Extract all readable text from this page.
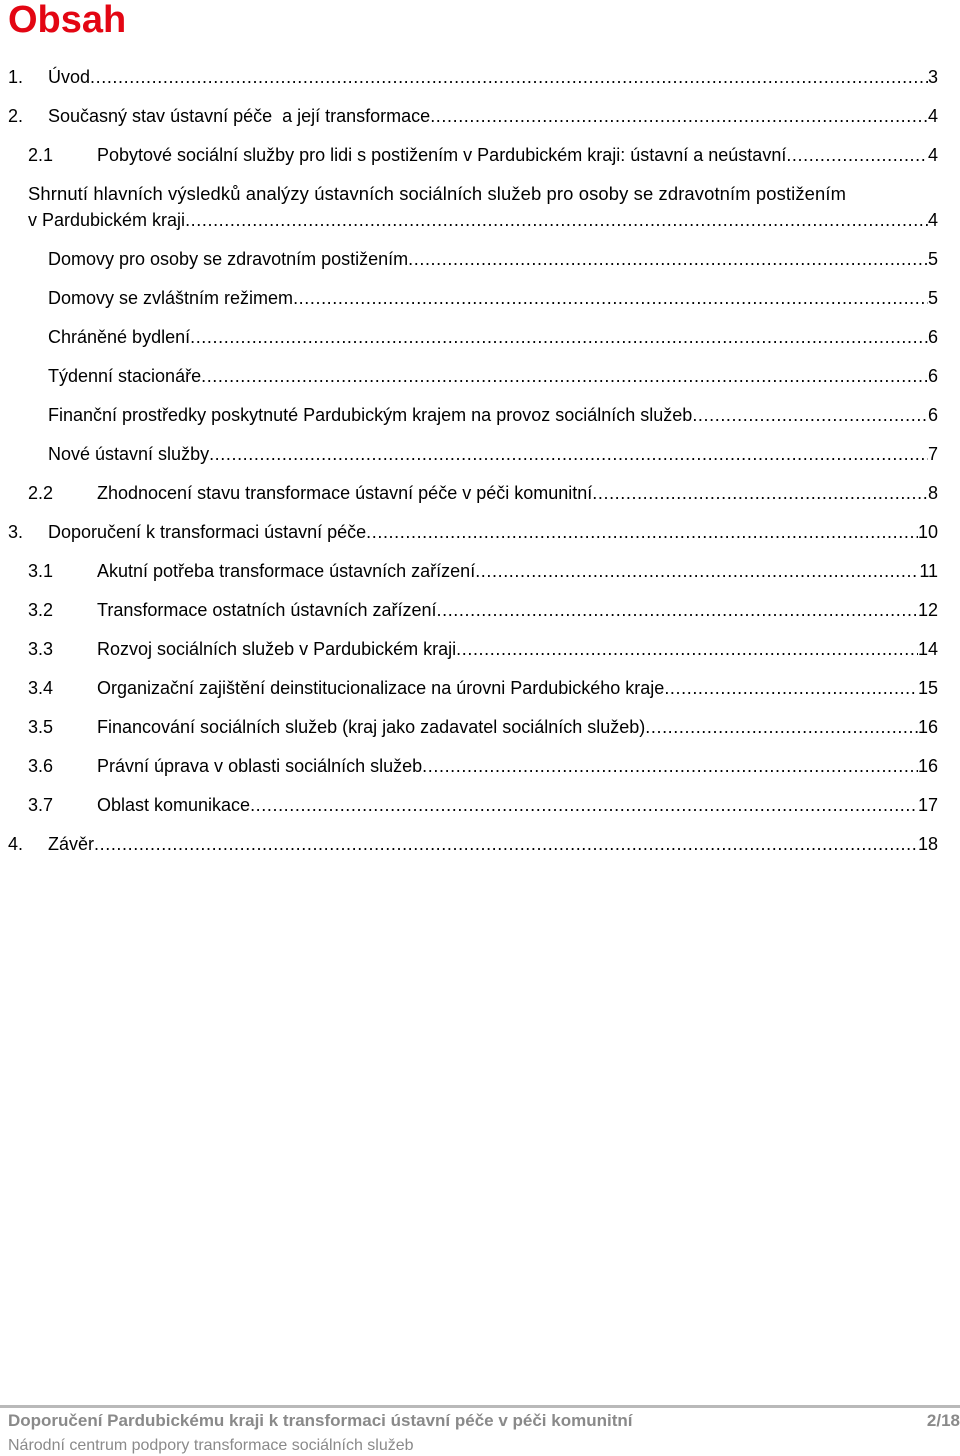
Obsah
1. Úvod .....	3
2. Současný stav ústavní péče  a její transformace .....	4
2.1 Pobytové sociální služby pro lidi s postižením v Pardubickém kraji: ústavní a neústavní .....	4
Shrnutí hlavních výsledků analýzy ústavních sociálních služeb pro osoby se zdravotním postižením
v Pardubickém kraji .....	4
Domovy pro osoby se zdravotním postižením .....	5
Domovy se zvláštním režimem .....	5
Chráněné bydlení .....	6
Týdenní stacionáře .....	6
Finanční prostředky poskytnuté Pardubickým krajem na provoz sociálních služeb .....	6
Nové ústavní služby .....	7
2.2 Zhodnocení stavu transformace ústavní péče v péči komunitní .....	8
3. Doporučení k transformaci ústavní péče .....	10
3.1 Akutní potřeba transformace ústavních zařízení .....	11
3.2 Transformace ostatních ústavních zařízení .....	12
3.3 Rozvoj sociálních služeb v Pardubickém kraji .....	14
3.4 Organizační zajištění deinstitucionalizace na úrovni Pardubického kraje .....	15
3.5 Financování sociálních služeb (kraj jako zadavatel sociálních služeb) .....	16
3.6 Právní úprava v oblasti sociálních služeb .....	16
3.7 Oblast komunikace .....	17
4. Závěr .....	18
Doporučení Pardubickému kraji k transformaci ústavní péče v péči komunitní	2/18
Národní centrum podpory transformace sociálních služeb
